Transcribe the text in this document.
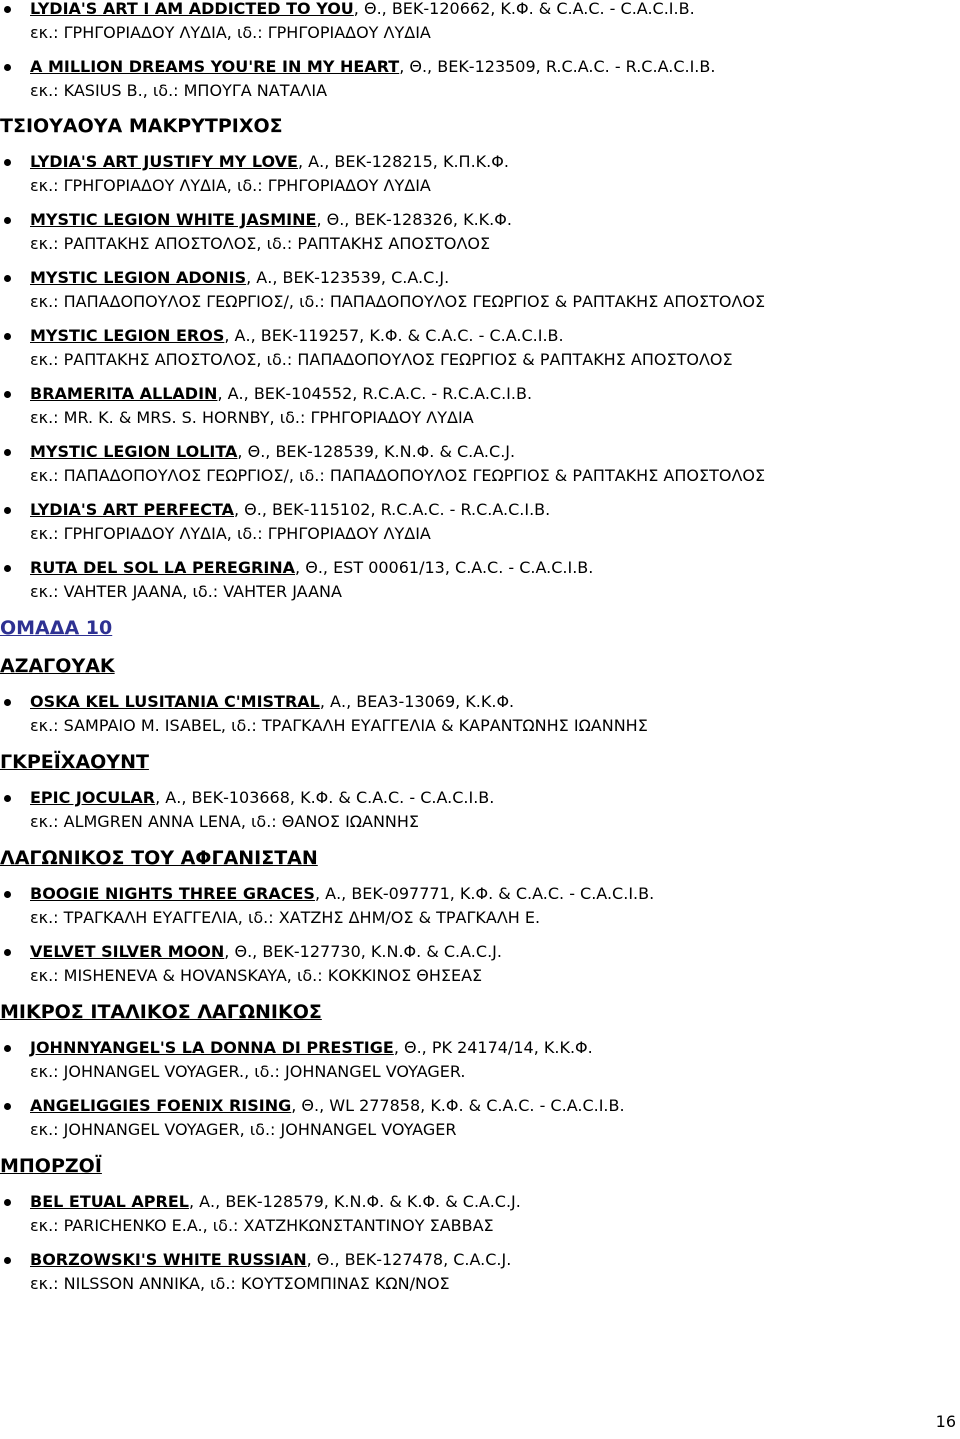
LYDIA'S ART I AM ADDICTED TO YOU, Θ., ΒΕΚ-120662, Κ.Φ. & C.A.C. - C.A.C.I.B.
εκ.: ΓΡΗΓΟΡΙΑΔΟΥ ΛΥΔΙΑ, ιδ.: ΓΡΗΓΟΡΙΑΔΟΥ ΛΥΔΙΑ
A MILLION DREAMS YOU'RE IN MY HEART, Θ., ΒΕΚ-123509, R.C.A.C. - R.C.A.C.I.B.
εκ.: KASIUS B., ιδ.: ΜΠΟΥΓΑ ΝΑΤΑΛΙΑ
ΤΣΙΟΥΑΟΥΑ ΜΑΚΡΥΤΡΙΧΟΣ
LYDIA'S ART JUSTIFY MY LOVE, Α., ΒΕΚ-128215, Κ.Π.Κ.Φ.
εκ.: ΓΡΗΓΟΡΙΑΔΟΥ ΛΥΔΙΑ, ιδ.: ΓΡΗΓΟΡΙΑΔΟΥ ΛΥΔΙΑ
MYSTIC LEGION WHITE JASMINE, Θ., ΒΕΚ-128326, Κ.Κ.Φ.
εκ.: ΡΑΠΤΑΚΗΣ ΑΠΟΣΤΟΛΟΣ, ιδ.: ΡΑΠΤΑΚΗΣ ΑΠΟΣΤΟΛΟΣ
MYSTIC LEGION ADONIS, Α., ΒΕΚ-123539, C.A.C.J.
εκ.: ΠΑΠΑΔΟΠΟΥΛΟΣ ΓΕΩΡΓΙΟΣ/, ιδ.: ΠΑΠΑΔΟΠΟΥΛΟΣ ΓΕΩΡΓΙΟΣ & ΡΑΠΤΑΚΗΣ ΑΠΟΣΤΟΛΟΣ
MYSTIC LEGION EROS, Α., ΒΕΚ-119257, Κ.Φ. & C.A.C. - C.A.C.I.B.
εκ.: ΡΑΠΤΑΚΗΣ ΑΠΟΣΤΟΛΟΣ, ιδ.: ΠΑΠΑΔΟΠΟΥΛΟΣ ΓΕΩΡΓΙΟΣ & ΡΑΠΤΑΚΗΣ ΑΠΟΣΤΟΛΟΣ
BRAMERITA ALLADIN, Α., ΒΕΚ-104552, R.C.A.C. - R.C.A.C.I.B.
εκ.: MR. K. & MRS. S. HORNBY, ιδ.: ΓΡΗΓΟΡΙΑΔΟΥ ΛΥΔΙΑ
MYSTIC LEGION LOLITA, Θ., ΒΕΚ-128539, Κ.Ν.Φ. & C.A.C.J.
εκ.: ΠΑΠΑΔΟΠΟΥΛΟΣ ΓΕΩΡΓΙΟΣ/, ιδ.: ΠΑΠΑΔΟΠΟΥΛΟΣ ΓΕΩΡΓΙΟΣ & ΡΑΠΤΑΚΗΣ ΑΠΟΣΤΟΛΟΣ
LYDIA'S ART PERFECTA, Θ., ΒΕΚ-115102, R.C.A.C. - R.C.A.C.I.B.
εκ.: ΓΡΗΓΟΡΙΑΔΟΥ ΛΥΔΙΑ, ιδ.: ΓΡΗΓΟΡΙΑΔΟΥ ΛΥΔΙΑ
RUTA DEL SOL LA PEREGRINA, Θ., EST 00061/13, C.A.C. - C.A.C.I.B.
εκ.: VAHTER JAANA, ιδ.: VAHTER JAANA
ΟΜΑΔΑ 10
ΑΖΑΓΟΥΑΚ
OSKA KEL LUSITANIA C'MISTRAL, Α., ΒΕΑ3-13069, Κ.Κ.Φ.
εκ.: SAMPAIO M. ISABEL, ιδ.: ΤΡΑΓΚΑΛΗ ΕΥΑΓΓΕΛΙΑ & ΚΑΡΑΝΤΩΝΗΣ ΙΩΑΝΝΗΣ
ΓΚΡΕΪΧΑΟΥΝΤ
EPIC JOCULAR, Α., ΒΕΚ-103668, Κ.Φ. & C.A.C. - C.A.C.I.B.
εκ.: ALMGREN ANNA LENA, ιδ.: ΘΑΝΟΣ ΙΩΑΝΝΗΣ
ΛΑΓΩΝΙΚΟΣ ΤΟΥ ΑΦΓΑΝΙΣΤΑΝ
BOOGIE NIGHTS THREE GRACES, Α., ΒΕΚ-097771, Κ.Φ. & C.A.C. - C.A.C.I.B.
εκ.: ΤΡΑΓΚΑΛΗ ΕΥΑΓΓΕΛΙΑ, ιδ.: ΧΑΤΖΗΣ ΔΗΜ/ΟΣ & ΤΡΑΓΚΑΛΗ Ε.
VELVET SILVER MOON, Θ., ΒΕΚ-127730, Κ.Ν.Φ. & C.A.C.J.
εκ.: MISHENEVA & HOVANSKAYA, ιδ.: ΚΟΚΚΙΝΟΣ ΘΗΣΕΑΣ
ΜΙΚΡΟΣ ΙΤΑΛΙΚΟΣ ΛΑΓΩΝΙΚΟΣ
JOHNNYANGEL'S LA DONNA DI PRESTIGE, Θ., PK 24174/14, Κ.Κ.Φ.
εκ.: JOHNANGEL VOYAGER., ιδ.: JOHNANGEL VOYAGER.
ANGELIGGIES FOENIX RISING, Θ., WL 277858, Κ.Φ. & C.A.C. - C.A.C.I.B.
εκ.: JOHNANGEL VOYAGER, ιδ.: JOHNANGEL VOYAGER
ΜΠΟΡΖΟΪ
BEL ETUAL APREL, Α., ΒΕΚ-128579, Κ.Ν.Φ. & Κ.Φ. & C.A.C.J.
εκ.: PARICHENKO E.A., ιδ.: ΧΑΤΖΗΚΩΝΣΤΑΝΤΙΝΟΥ ΣΑΒΒΑΣ
BORZOWSKI'S WHITE RUSSIAN, Θ., ΒΕΚ-127478, C.A.C.J.
εκ.: NILSSON ANNIKA, ιδ.: ΚΟΥΤΣΟΜΠΙΝΑΣ ΚΩΝ/ΝΟΣ
16
